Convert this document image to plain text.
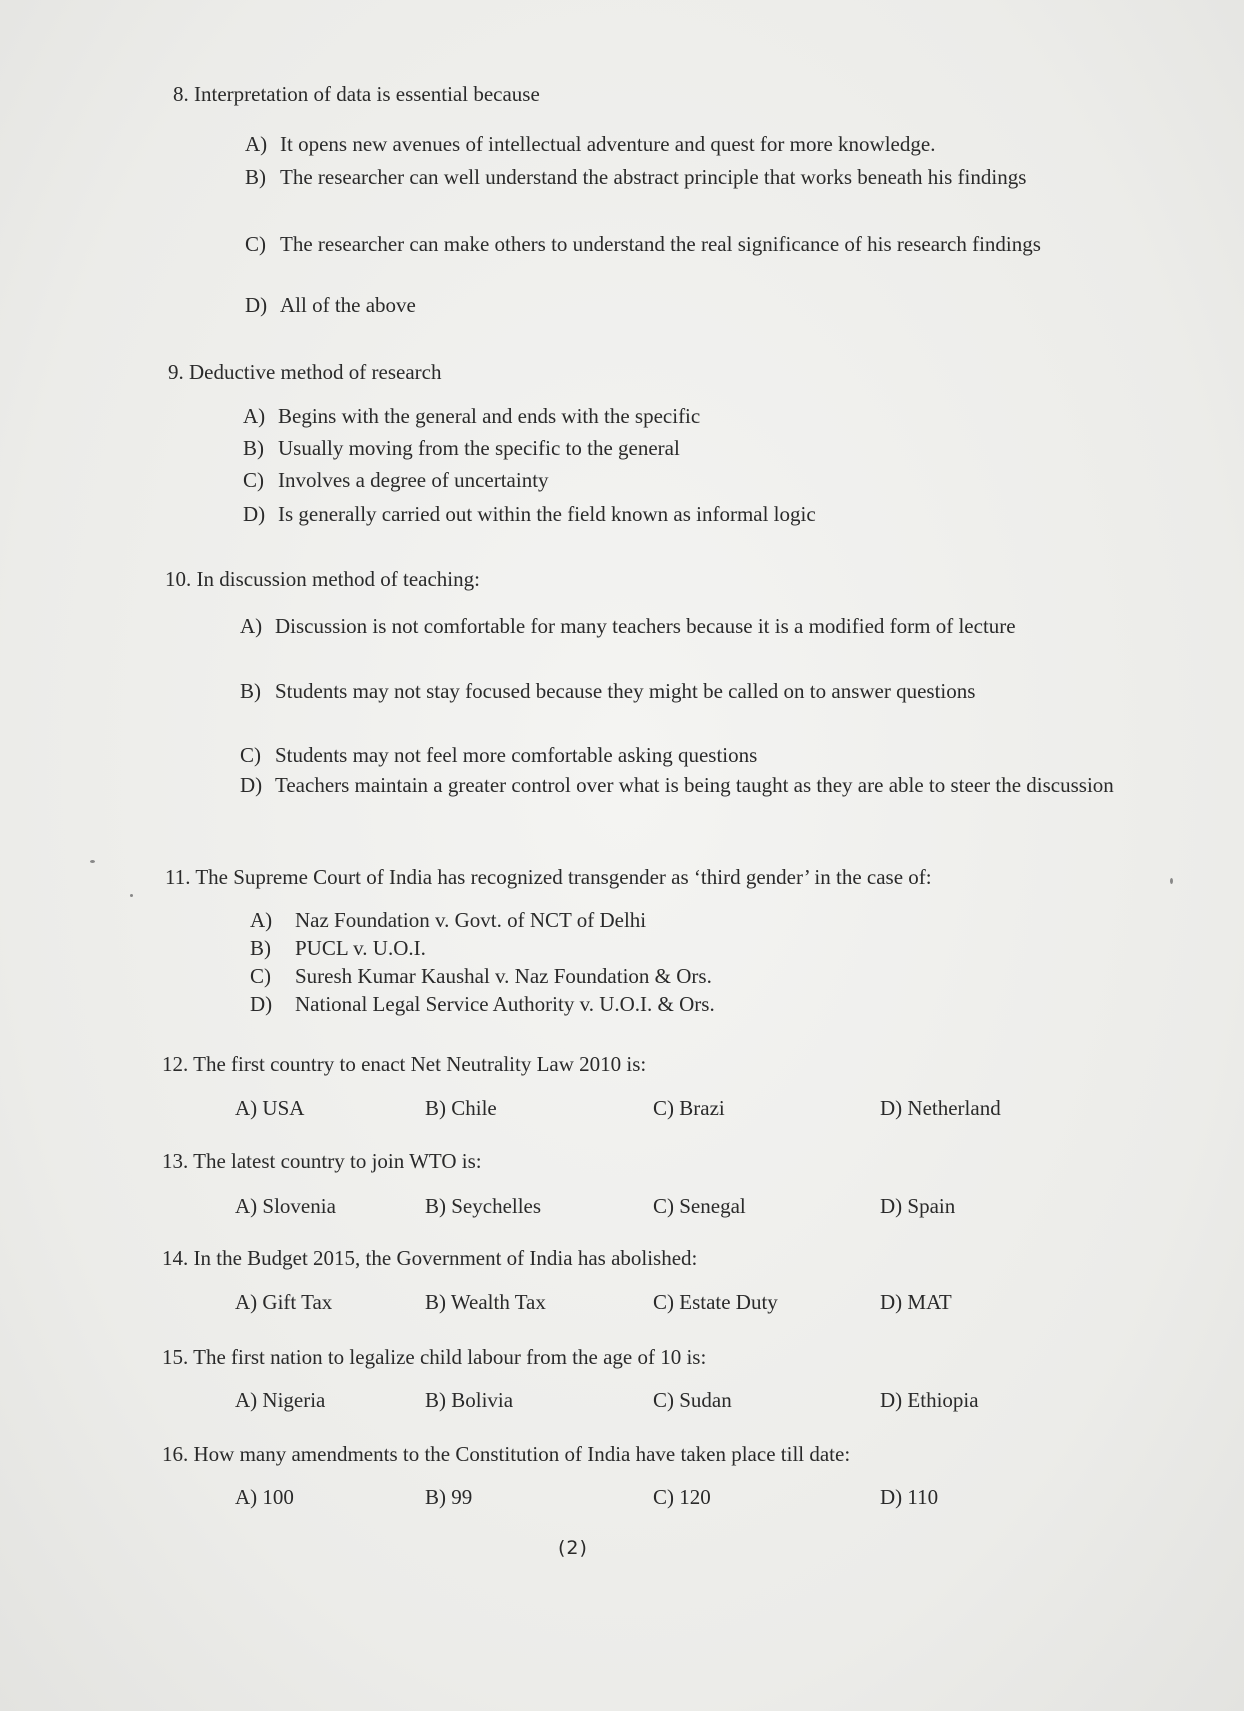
8. Interpretation of data is essential because
A) It opens new avenues of intellectual adventure and quest for more knowledge.
B) The researcher can well understand the abstract principle that works beneath his findings
C) The researcher can make others to understand the real significance of his research findings
D) All of the above
9. Deductive method of research
A) Begins with the general and ends with the specific
B) Usually moving from the specific to the general
C) Involves a degree of uncertainty
D) Is generally carried out within the field known as informal logic
10. In discussion method of teaching:
A) Discussion is not comfortable for many teachers because it is a modified form of lecture
B) Students may not stay focused because they might be called on to answer questions
C) Students may not feel more comfortable asking questions
D) Teachers maintain a greater control over what is being taught as they are able to steer the discussion
11. The Supreme Court of India has recognized transgender as ‘third gender’ in the case of:
A) Naz Foundation v. Govt. of NCT of Delhi
B) PUCL v. U.O.I.
C) Suresh Kumar Kaushal v. Naz Foundation & Ors.
D) National Legal Service Authority v. U.O.I. & Ors.
12. The first country to enact Net Neutrality Law 2010 is:
A) USA	B) Chile	C) Brazi	D) Netherland
13. The latest country to join WTO is:
A) Slovenia	B) Seychelles	C) Senegal	D) Spain
14. In the Budget 2015, the Government of India has abolished:
A) Gift Tax	B) Wealth Tax	C) Estate Duty	D) MAT
15. The first nation to legalize child labour from the age of 10 is:
A) Nigeria	B) Bolivia	C) Sudan	D) Ethiopia
16. How many amendments to the Constitution of India have taken place till date:
A) 100	B) 99	C) 120	D) 110
(2)
